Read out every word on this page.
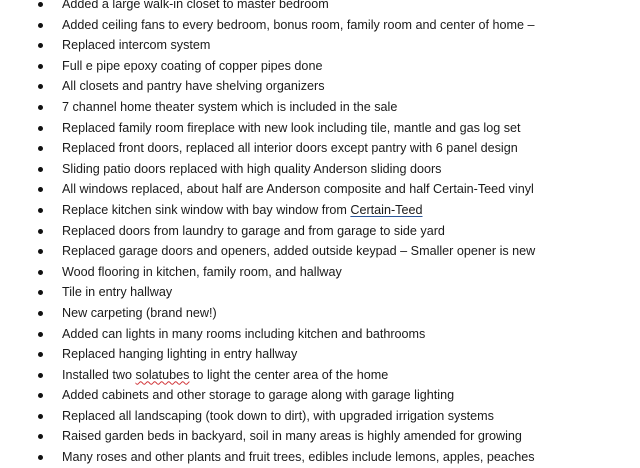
Added a large walk-in closet to master bedroom
Added ceiling fans to every bedroom, bonus room, family room and center of home –
Replaced intercom system
Full e pipe epoxy coating of copper pipes done
All closets and pantry have shelving organizers
7 channel home theater system which is included in the sale
Replaced family room fireplace with new look including tile, mantle and gas log set
Replaced front doors, replaced all interior doors except pantry with 6 panel design
Sliding patio doors replaced with high quality Anderson sliding doors
All windows replaced, about half are Anderson composite and half Certain-Teed vinyl
Replace kitchen sink window with bay window from Certain-Teed
Replaced doors from laundry to garage and from garage to side yard
Replaced garage doors and openers, added outside keypad – Smaller opener is new
Wood flooring in kitchen, family room, and hallway
Tile in entry hallway
New carpeting (brand new!)
Added can lights in many rooms including kitchen and bathrooms
Replaced hanging lighting in entry hallway
Installed two solatubes to light the center area of the home
Added cabinets and other storage to garage along with garage lighting
Replaced all landscaping (took down to dirt), with upgraded irrigation systems
Raised garden beds in backyard, soil in many areas is highly amended for growing
Many roses and other plants and fruit trees, edibles include lemons, apples, peaches
